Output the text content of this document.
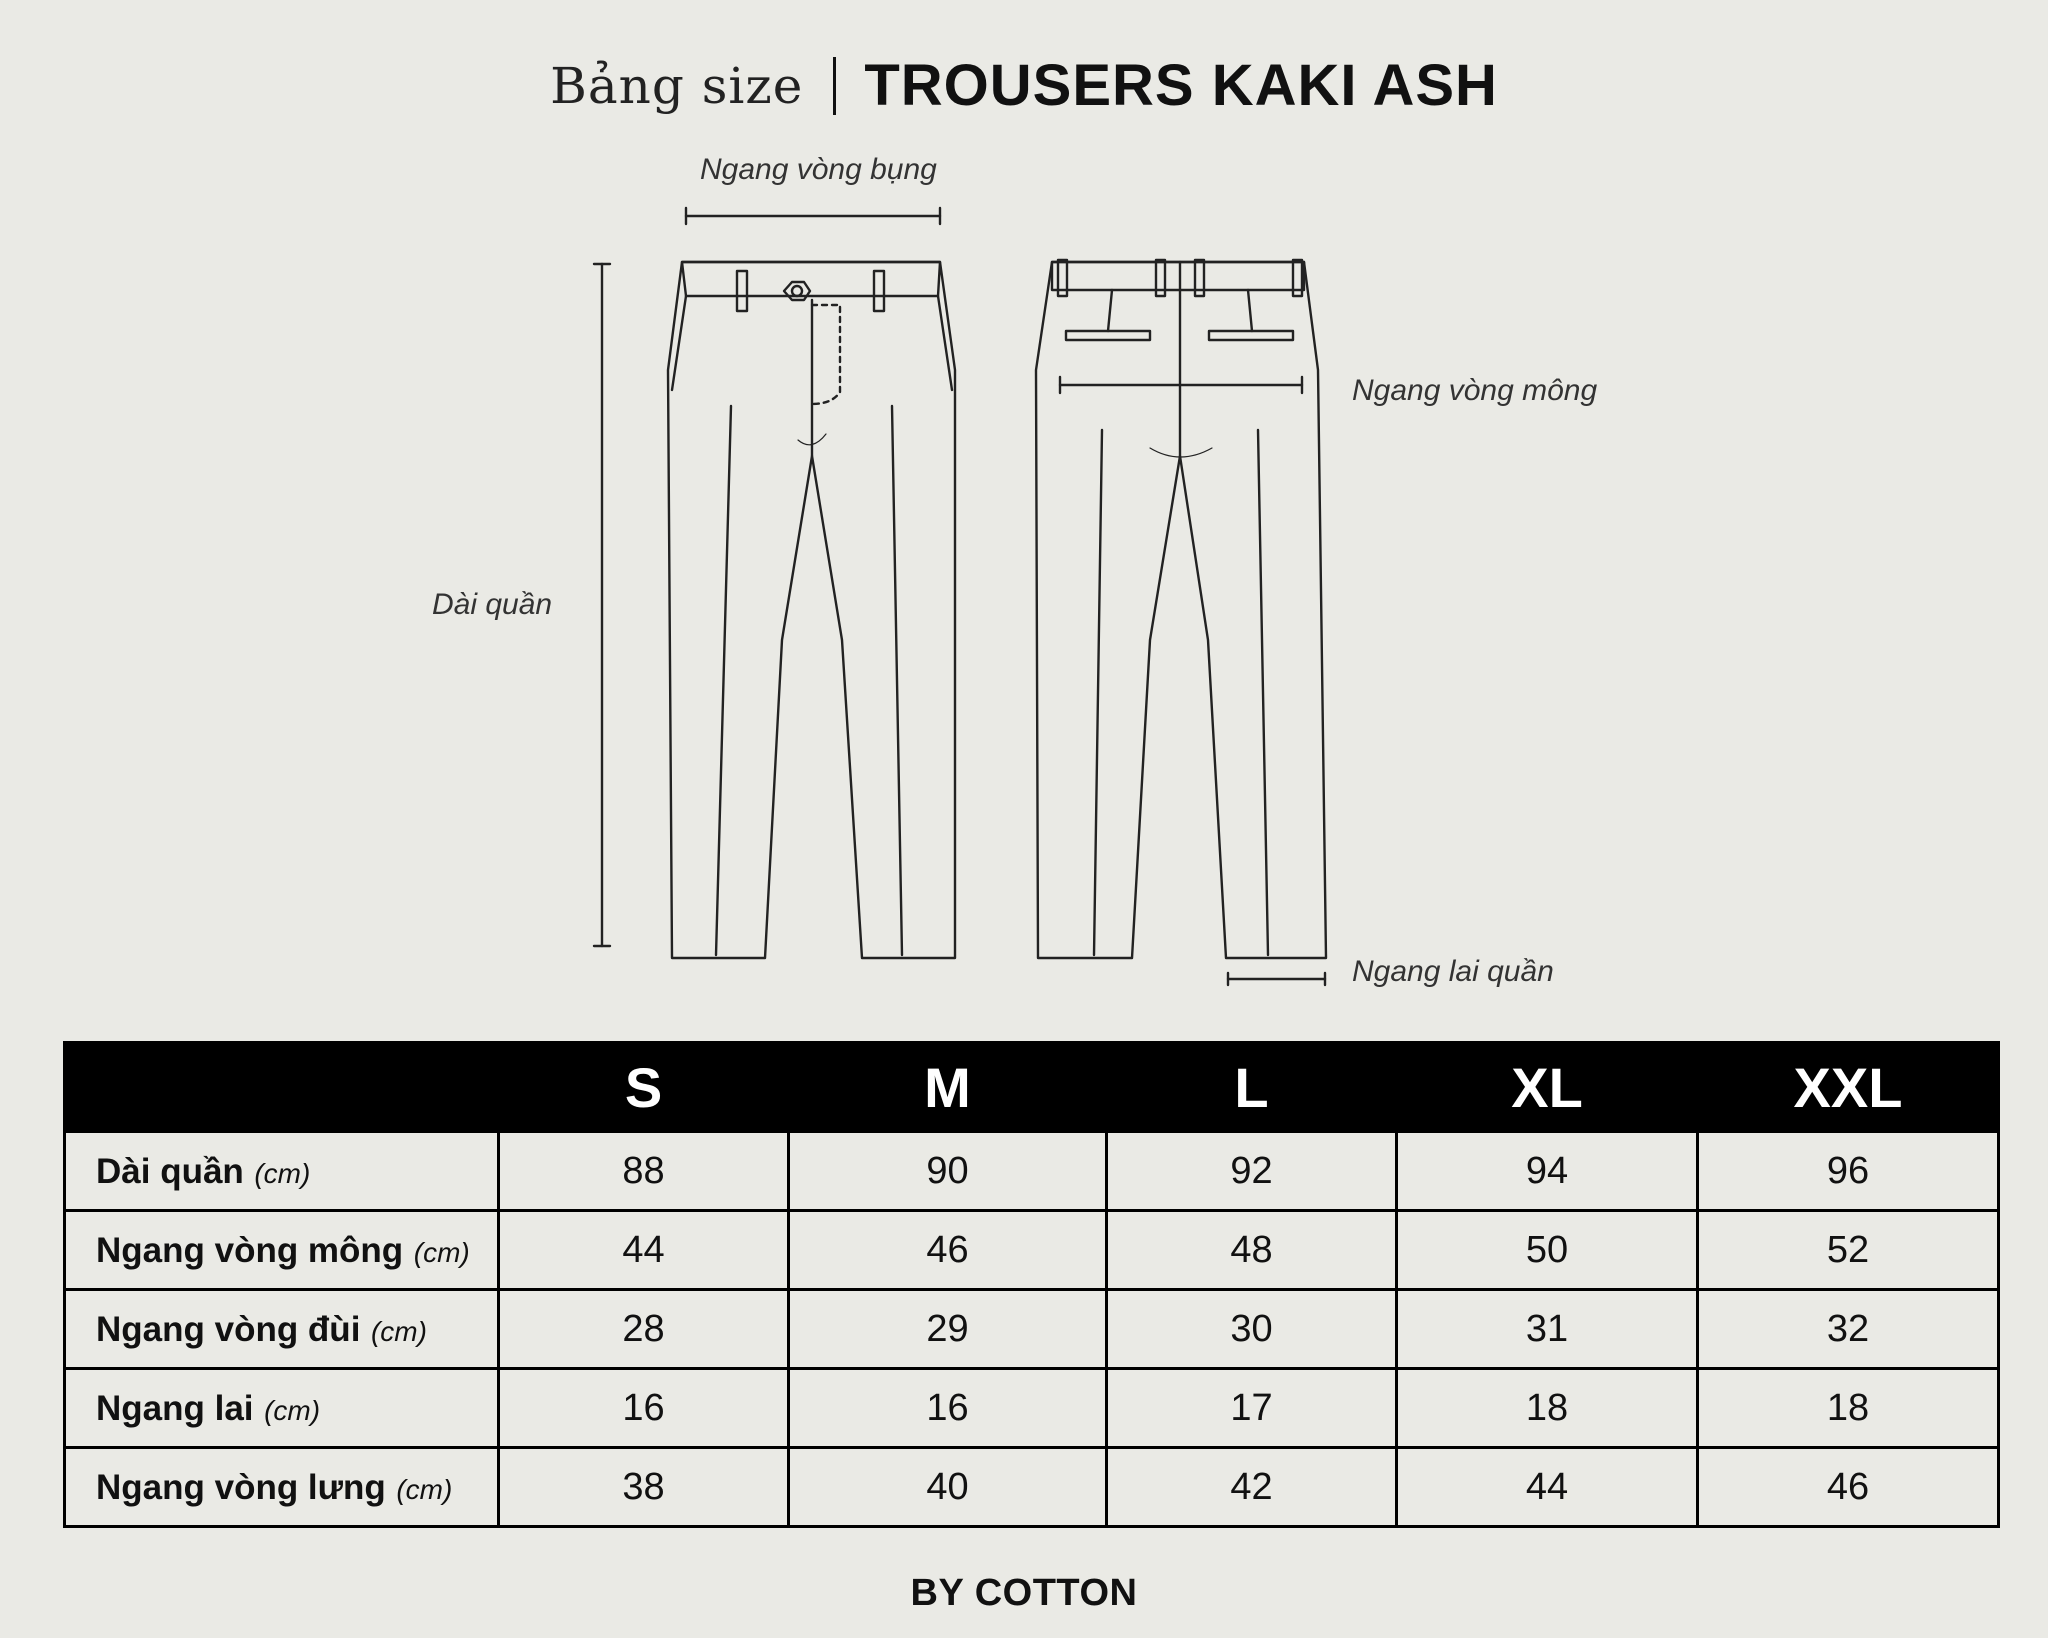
Bảng size TROUSERS KAKI ASH
Ngang vòng bụng
Dài quần
Ngang vòng mông
Ngang lai quần
	S	M	L	XL	XXL
Dài quần (cm)	88	90	92	94	96
Ngang vòng mông (cm)	44	46	48	50	52
Ngang vòng đùi (cm)	28	29	30	31	32
Ngang lai (cm)	16	16	17	18	18
Ngang vòng lưng (cm)	38	40	42	44	46
BY COTTON
